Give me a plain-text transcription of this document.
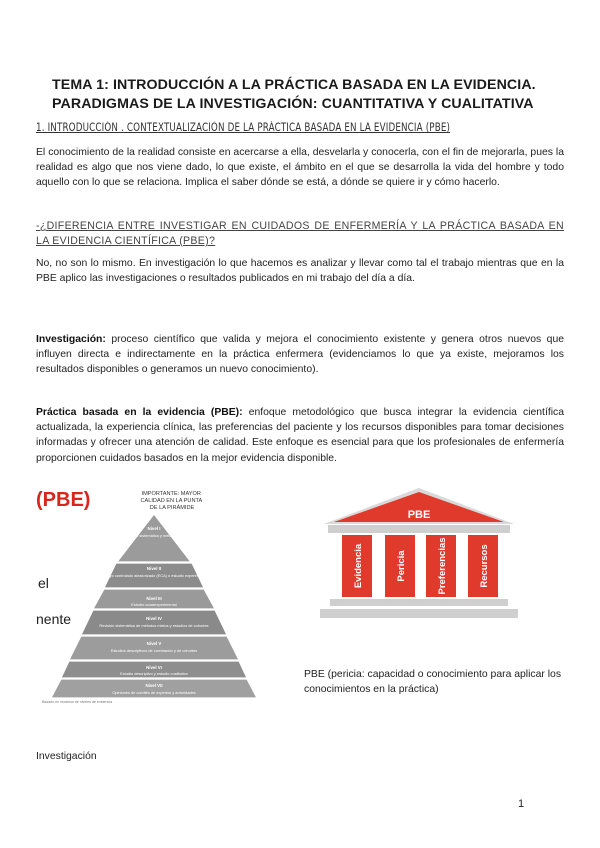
TEMA 1: INTRODUCCIÓN A LA PRÁCTICA BASADA EN LA EVIDENCIA.
PARADIGMAS DE LA INVESTIGACIÓN: CUANTITATIVA Y CUALITATIVA
1. INTRODUCCIÓN . CONTEXTUALIZACIÓN DE LA PRÁCTICA BASADA EN LA EVIDENCIA (PBE)
El conocimiento de la realidad consiste en acercarse a ella, desvelarla y conocerla, con el fin de mejorarla, pues la realidad es algo que nos viene dado, lo que existe, el ámbito en el que se desarrolla la vida del hombre y todo aquello con lo que se relaciona. Implica el saber dónde se está, a dónde se quiere ir y cómo hacerlo.
-¿DIFERENCIA ENTRE INVESTIGAR EN CUIDADOS DE ENFERMERÍA Y LA PRÁCTICA BASADA EN LA EVIDENCIA CIENTÍFICA (PBE)?
No, no son lo mismo. En investigación lo que hacemos es analizar y llevar como tal el trabajo mientras que en la PBE aplico las investigaciones o resultados publicados en mi trabajo del día a día.
Investigación: proceso científico que valida y mejora el conocimiento existente y genera otros nuevos que influyen directa e indirectamente en la práctica enfermera (evidenciamos lo que ya existe, mejoramos los resultados disponibles o generamos un nuevo conocimiento).
Práctica basada en la evidencia (PBE): enfoque metodológico que busca integrar la evidencia científica actualizada, la experiencia clínica, las preferencias del paciente y los recursos disponibles para tomar decisiones informadas y ofrecer una atención de calidad. Este enfoque es esencial para que los profesionales de enfermería proporcionen cuidados basados en la mejor evidencia disponible.
(PBE)
el
nente
IMPORTANTE: MAYOR CALIDAD EN LA PUNTA DE LA PIRÁMIDE
Nivel I
Revisión sistemática y metaanálisis
Nivel II
Ensayo controlado aleatorizado (ECA) o estudio experimental
Nivel III
Estudio cuasiexperimental
Nivel IV
Revisión sistemática de métodos mixtos y estudios de cohortes
Nivel V
Estudios descriptivos de correlación y de cohortes
Nivel VI
Estudio descriptivo y estudio cualitativo
Nivel VII
Opiniones de comités de expertos y autoridades
Basado en modelos de niveles de evidencia
PBE
Evidencia	Pericia	Preferencias	Recursos
PBE (pericia: capacidad o conocimiento para aplicar los conocimientos en la práctica)
Investigación
1
